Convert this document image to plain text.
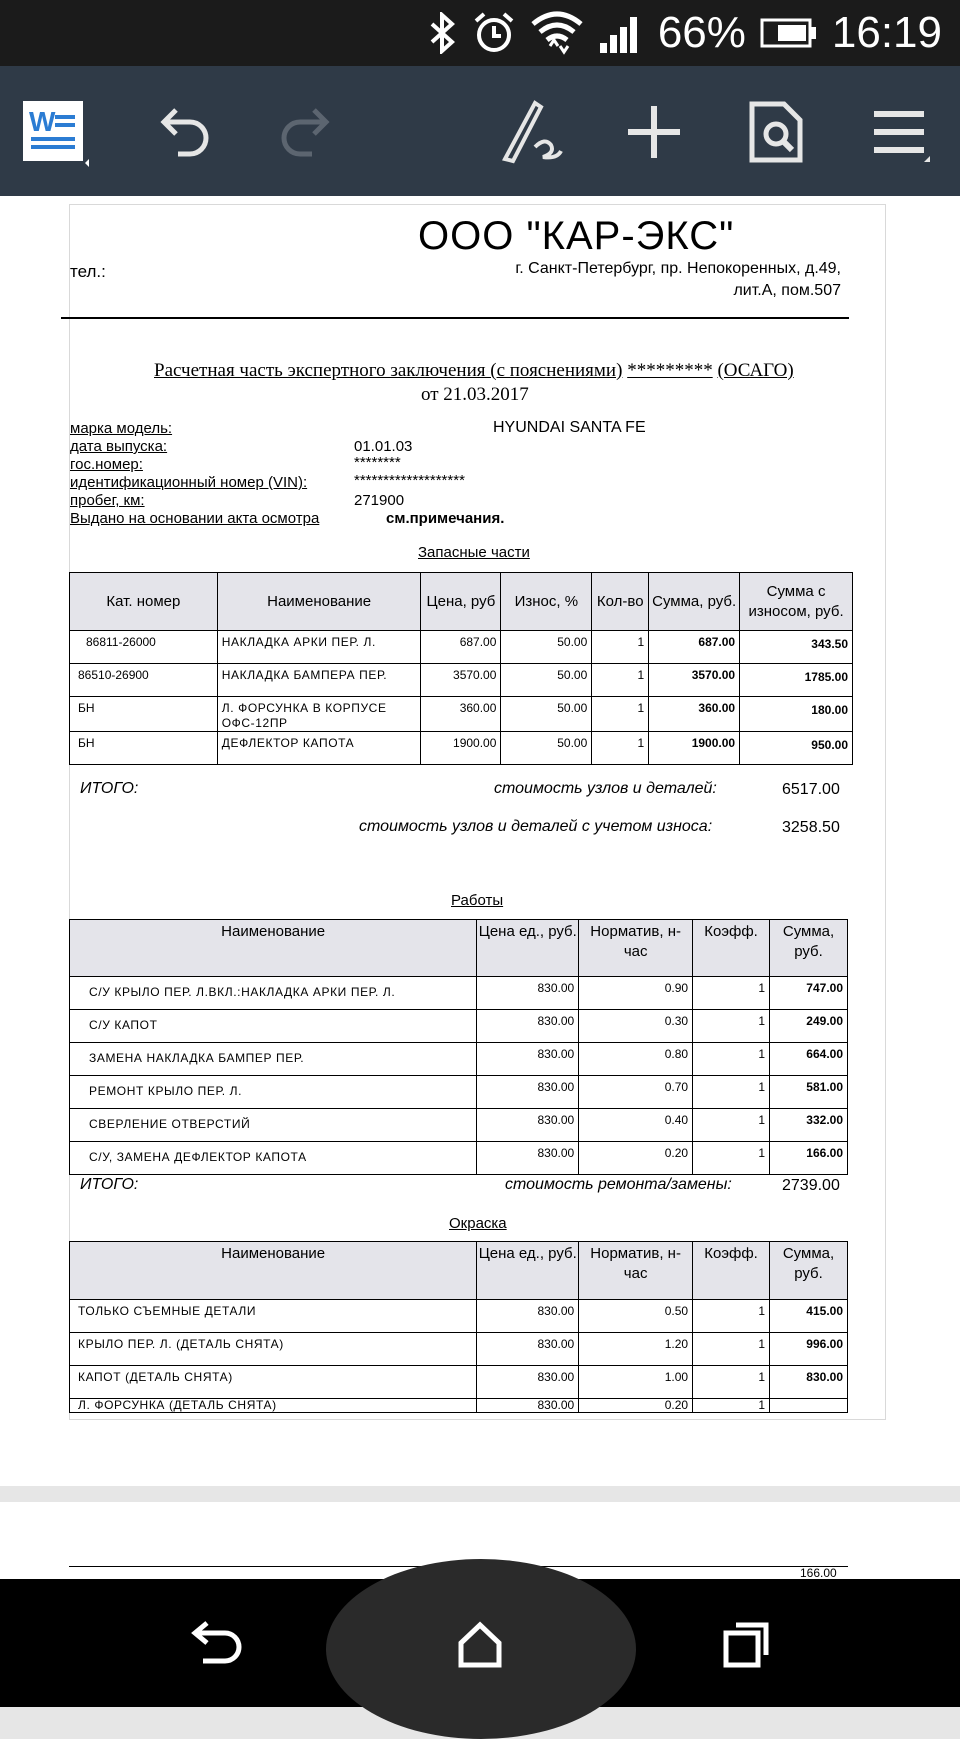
66% 16:19
W
ООО "КАР-ЭКС"
тел.:	г. Санкт-Петербург, пр. Непокоренных, д.49,
лит.А, пом.507
Расчетная часть экспертного заключения (с пояснениями) ********* (ОСАГО)
от 21.03.2017
марка модель:	HYUNDAI SANTA FE
дата выпуска:	01.01.03
гос.номер:	********
идентификационный номер (VIN):	*******************
пробег, км:	271900
Выдано на основании акта осмотра	см.примечания.
Запасные части
Кат. номер	Наименование	Цена, руб	Износ, %	Кол-во	Сумма, руб.	Сумма с износом, руб.
86811-26000	НАКЛАДКА АРКИ ПЕР. Л.	687.00	50.00	1	687.00	343.50
86510-26900	НАКЛАДКА БАМПЕРА ПЕР.	3570.00	50.00	1	3570.00	1785.00
БН	Л. ФОРСУНКА В КОРПУСЕ ОФС-12ПР	360.00	50.00	1	360.00	180.00
БН	ДЕФЛЕКТОР КАПОТА	1900.00	50.00	1	1900.00	950.00
ИТОГО:	стоимость узлов и деталей:	6517.00
стоимость узлов и деталей с учетом износа:	3258.50
Работы
Наименование	Цена ед., руб.	Норматив, н-час	Коэфф.	Сумма, руб.
С/У КРЫЛО ПЕР. Л.ВКЛ.:НАКЛАДКА АРКИ ПЕР. Л.	830.00	0.90	1	747.00
С/У КАПОТ	830.00	0.30	1	249.00
ЗАМЕНА НАКЛАДКА БАМПЕР ПЕР.	830.00	0.80	1	664.00
РЕМОНТ КРЫЛО ПЕР. Л.	830.00	0.70	1	581.00
СВЕРЛЕНИЕ ОТВЕРСТИЙ	830.00	0.40	1	332.00
С/У, ЗАМЕНА ДЕФЛЕКТОР КАПОТА	830.00	0.20	1	166.00
ИТОГО:	стоимость ремонта/замены:	2739.00
Окраска
Наименование	Цена ед., руб.	Норматив, н-час	Коэфф.	Сумма, руб.
ТОЛЬКО СЪЕМНЫЕ ДЕТАЛИ	830.00	0.50	1	415.00
КРЫЛО ПЕР. Л. (ДЕТАЛЬ СНЯТА)	830.00	1.20	1	996.00
КАПОТ (ДЕТАЛЬ СНЯТА)	830.00	1.00	1	830.00
Л. ФОРСУНКА (ДЕТАЛЬ СНЯТА)	830.00	0.20	1	
166.00
